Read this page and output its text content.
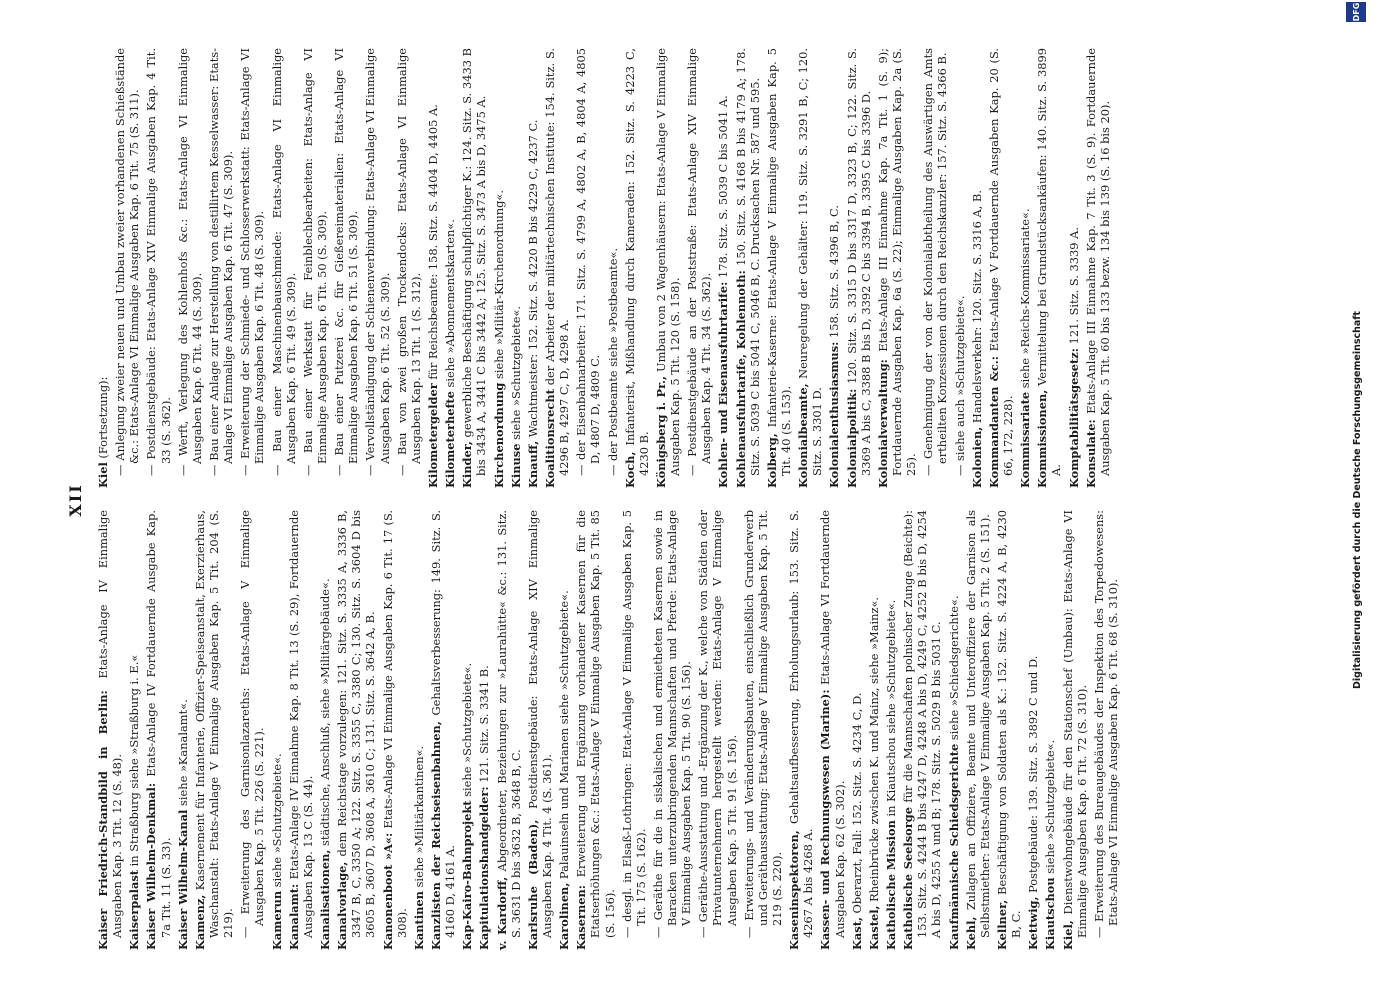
XII

Kaiser Friedrich-Standbild in Berlin: Etats-Anlage IV Einmalige Ausgaben Kap. 3 Tit. 12 (S. 48). Kaiserpalast in Straßburg siehe »Straßburg i. E.« Kaiser Wilhelm-Denkmal: Etats-Anlage IV Fortdauernde Ausgabe Kap. 7a Tit. 11 (S. 33). Kaiser Wilhelm-Kanal siehe »Kanalamt«.

Kamenz, Kasernement für Infanterie, Offizier-Speiseanstalt, Exerzierhaus, Waschanstalt: Etats-Anlage V Einmalige Ausgaben Kap. 5 Tit. 204 (S. 219).

— Erweiterung des Garnisonlazareths: Etats-Anlage V Einmalige Ausgaben Kap. 5 Tit. 226 (S. 221). Kamerun siehe »Schutzgebiete«.

Kanalamt: Etats-Anlage IV Einnahme Kap. 8 Tit. 13 (S. 29), Fortdauernde Ausgaben Kap. 13 C (S. 44). Kanalisationen, städtische, Anschluß, siehe »Militärgebäude«.

Kanalvorlage, dem Reichstage vorzulegen: 121. Sitz. S. 3335 A, 3336 B, 3347 B, C, 3350 A; 122. Sitz. S. 3355 C, 3380 C; 130. Sitz. S. 3604 D bis 3605 B, 3607 D, 3608 A, 3610 C; 131. Sitz. S. 3642 A, B. Kanonenboot »A«: Etats-Anlage VI Einmalige Ausgaben Kap. 6 Tit. 17 (S. 308). Kantinen siehe »Militärkantinen«. Kanzlisten der Reichseisenbahnen, Gehaltsverbesserung: 149. Sitz. S. 4160 D, 4161 A. Kap-Kairo-Bahnprojekt siehe »Schutzgebiete«.

Kapitulationshandgelder: 121. Sitz. S. 3341 B.

v. Kardorff, Abgeordneter, Beziehungen zur »Laurahütte« &c.: 131. Sitz. S. 3631 D bis 3632 B, 3648 B, C. Karlsruhe (Baden), Postdienstgebäude: Etats-Anlage XIV Einmalige Ausgaben Kap. 4 Tit. 4 (S. 361). Karolinen, Palauinseln und Marianen siehe »Schutzgebiete«.

Kasernen: Erweiterung und Ergänzung vorhandener Kasernen für die Etatserhöhungen &c.: Etats-Anlage V Einmalige Ausgaben Kap. 5 Tit. 85 (S. 156). — desgl. in Elsaß-Lothringen: Etat-Anlage V Einmalige Ausgaben Kap. 5 Tit. 175 (S. 162). — Geräthe für die in siskalischen und ermietheten Kasernen sowie in Baracken unterzubringenden Mannschaften und Pferde: Etats-Anlage V Einmalige Ausgaben Kap. 5 Tit. 90 (S. 156). — Geräthe-Ausstattung und -Ergänzung der K., welche von Städten oder Privatunternehmern hergestellt werden: Etats-Anlage V Einmalige Ausgaben Kap. 5 Tit. 91 (S. 156). — Erweiterungs- und Veränderungsbauten, einschließlich Grunderwerb und Geräthausstattung: Etats-Anlage V Einmalige Ausgaben Kap. 5 Tit. 219 (S. 220). Kaseninspektoren, Gehaltsaufbesserung, Erholungsurlaub: 153. Sitz. S. 4267 A bis 4268 A. Kassen- und Rechnungswesen (Marine): Etats-Anlage VI Fortdauernde Ausgaben Kap. 62 (S. 302). Kast, Oberarzt, Fall: 152. Sitz. S. 4234 C, D.

Kastel, Rheinbrücke zwischen K. und Mainz, siehe »Mainz«. Katholische Mission in Kiautschou siehe »Schutzgebiete«.

Katholische Seelsorge für die Mannschaften polnischer Zunge (Beichte): 153. Sitz. S. 4244 B bis 4247 D, 4248 A bis D, 4249 C, 4252 B bis D, 4254 A bis D, 4255 A und B; 178. Sitz. S. 5029 B bis 5031 C. Kaufmännische Schiedsgerichte siehe »Schiedsgerichte«.

Kehl, Zulagen an Offiziere, Beamte und Unteroffiziere der Garnison als Selbstmiether: Etats-Anlage V Einmalige Ausgaben Kap. 5 Tit. 2 (S. 151). Kellner, Beschäftigung von Soldaten als K.: 152. Sitz. S. 4224 A, B, 4230 B, C. Kettwig, Postgebäude: 139. Sitz. S. 3892 C und D.

Kiautschou siehe »Schutzgebiete«.

Kiel, Dienstwohngebäude für den Stationschef (Umbau): Etats-Anlage VI Einmalige Ausgaben Kap. 6 Tit. 72 (S. 310). — Erweiterung des Bureaugebäudes der Inspektion des Torpedowesens: Etats-Anlage VI Einmalige Ausgaben Kap. 6 Tit. 68 (S. 310).

Kiel (Fortsetzung): — Anlegung zweier neuen und Umbau zweier vorhandenen Schießstände &c.: Etats-Anlage VI Einmalige Ausgaben Kap. 6 Tit. 75 (S. 311). — Postdienstgebäude: Etats-Anlage XIV Einmalige Ausgaben Kap. 4 Tit. 33 (S. 362). — Werft, Verlegung des Kohlenhofs &c.: Etats-Anlage VI Einmalige Ausgaben Kap. 6 Tit. 44 (S. 309). — Bau einer Anlage zur Herstellung von destillirtem Kesselwasser: Etats-Anlage VI Einmalige Ausgaben Kap. 6 Tit. 47 (S. 309). — Erweiterung der Schmiede- und Schlosserwerkstatt: Etats-Anlage VI Einmalige Ausgaben Kap. 6 Tit. 48 (S. 309). — Bau einer Maschinenbauschmiede: Etats-Anlage VI Einmalige Ausgaben Kap. 6 Tit. 49 (S. 309). — Bau einer Werkstatt für Feinblechbearbeiten: Etats-Anlage VI Einmalige Ausgaben Kap. 6 Tit. 50 (S. 309). — Bau einer Putzerei &c. für Gießereimaterialien: Etats-Anlage VI Einmalige Ausgaben Kap. 6 Tit. 51 (S. 309). — Vervollständigung der Schienenverbindung: Etats-Anlage VI Einmalige Ausgaben Kap. 6 Tit. 52 (S. 309). — Bau von zwei großen Trockendocks: Etats-Anlage VI Einmalige Ausgaben Kap. 13 Tit. 1 (S. 312). Kilometergelder für Reichsbeamte: 158. Sitz. S. 4404 D, 4405 A.

Kilometerhefte siehe »Abonnementskarten«.

Kinder, gewerbliche Beschäftigung schulpflichtiger K.: 124. Sitz. S. 3433 B bis 3434 A, 3441 C bis 3442 A; 125. Sitz. S. 3473 A bis D, 3475 A. Kirchenordnung siehe »Militär-Kirchenordnung«.

Kinuse siehe »Schutzgebiete«.

Knauff, Wachtmeister: 152. Sitz. S. 4220 B bis 4229 C, 4237 C. Koalitionsrecht der Arbeiter der militärtechnischen Institute: 154. Sitz. S. 4296 B, 4297 C, D, 4298 A. — der Eisenbahnarbeiter: 171. Sitz. S. 4799 A, 4802 A, B, 4804 A, 4805 D, 4807 D, 4809 C. — der Postbeamte siehe »Postbeamte«.

Koch, Infanterist, Mißhandlung durch Kameraden: 152. Sitz. S. 4223 C, 4230 B. Königsberg i. Pr., Umbau von 2 Wagenhäusern: Etats-Anlage V Einmalige Ausgaben Kap. 5 Tit. 120 (S. 158). — Postdienstgebäude an der Poststraße: Etats-Anlage XIV Einmalige Ausgaben Kap. 4 Tit. 34 (S. 362). Kohlen- und Eisenausfuhrtarife: 178. Sitz. S. 5039 C bis 5041 A.

Kohlenausfuhrtarife, Kohlennoth: 150. Sitz. S. 4168 B bis 4179 A; 178. Sitz. S. 5039 C bis 5041 C, 5046 B, C. Drucksachen Nr. 587 und 595. Kolberg, Infanterie-Kaserne: Etats-Anlage V Einmalige Ausgaben Kap. 5 Tit. 40 (S. 153). Kolonialbeamte, Neuregelung der Gehälter: 119. Sitz. S. 3291 B, C; 120. Sitz. S. 3301 D. Kolonialenthusiasmus: 158. Sitz. S. 4396 B, C.

Kolonialpolitik: 120. Sitz. S. 3315 D bis 3317 D, 3323 B, C; 122. Sitz. S. 3369 A bis C, 3388 B bis D, 3392 C bis 3394 B, 3395 C bis 3396 D. Kolonialverwaltung: Etats-Anlage III Einnahme Kap. 7a Tit. 1 (S. 9); Fortdauernde Ausgaben Kap. 6a (S. 22); Einmalige Ausgaben Kap. 2a (S. 25).

— Genehmigung der von der Kolonialabtheilung des Auswärtigen Amts ertheilten Konzessionen durch den Reichskanzler: 157. Sitz. S. 4366 B. — siehe auch »Schutzgebiete«. Kolonien, Handelsverkehr: 120. Sitz. S. 3316 A, B. Kommandanten &c.: Etats-Anlage V Fortdauernde Ausgaben Kap. 20 (S. 66, 172, 228). Kommissariate siehe »Reichs-Kommissariate«.

Kommissionen, Vermittelung bei Grundstücksankäufen: 140. Sitz. S. 3899 A. Komptabilitätsgesetz: 121. Sitz. S. 3339 A.

Konsulate: Etats-Anlage III Einnahme Kap. 7 Tit. 3 (S. 9). Fortdauernde Ausgaben Kap. 5 Tit. 60 bis 133 bezw. 134 bis 139 (S. 16 bis 20).

Digitalisierung gefördert durch die Deutsche Forschungsgemeinschaft
DFG
